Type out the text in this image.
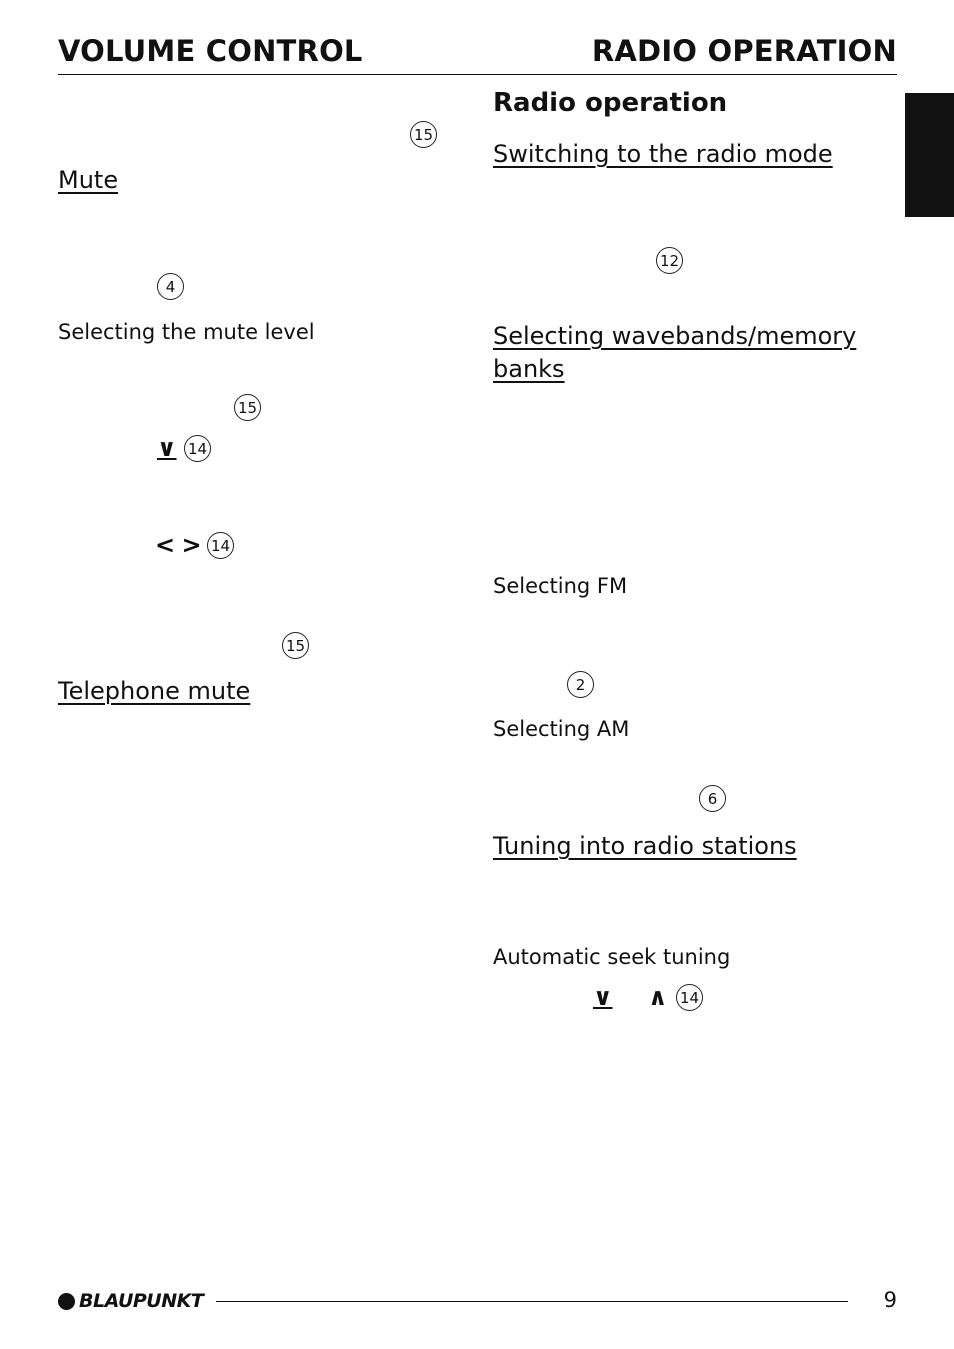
VOLUME CONTROL	RADIO OPERATION
15
Mute
4
Selecting the mute level
15
∨ 14
< > 14
15
Telephone mute
Radio operation
Switching to the radio mode
12
Selecting wavebands/memory
banks
Selecting FM
2
Selecting AM
6
Tuning into radio stations
Automatic seek tuning
∨ ∧ 14
BLAUPUNKT	9
